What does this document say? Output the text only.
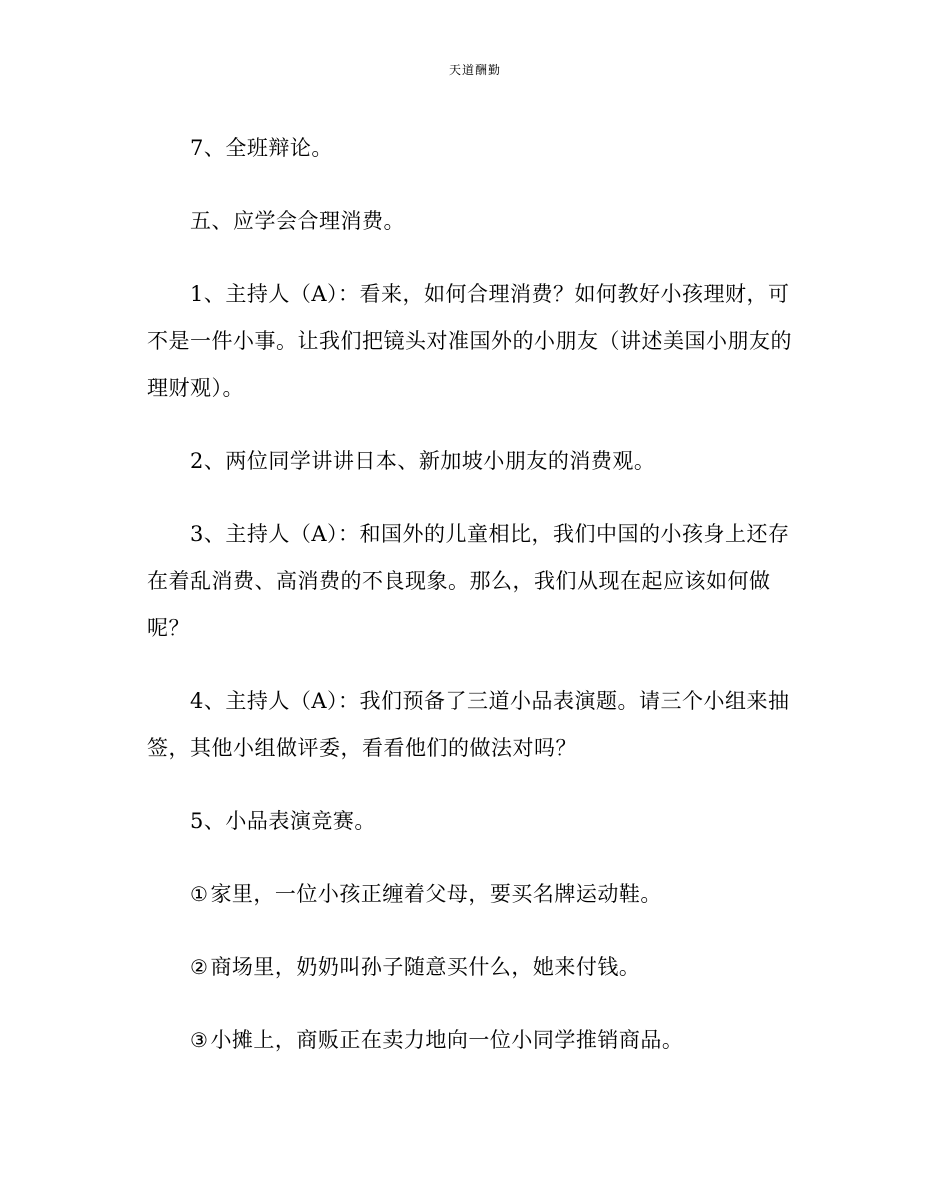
天道酬勤

7、全班辩论。

五、应学会合理消费。

1、主持人（A）：看来，如何合理消费？如何教好小孩理财，可不是一件小事。让我们把镜头对准国外的小朋友（讲述美国小朋友的理财观）。

2、两位同学讲讲日本、新加坡小朋友的消费观。

3、主持人（A）：和国外的儿童相比，我们中国的小孩身上还存在着乱消费、高消费的不良现象。那么，我们从现在起应该如何做呢？

4、主持人（A）：我们预备了三道小品表演题。请三个小组来抽签，其他小组做评委，看看他们的做法对吗？

5、小品表演竞赛。

①家里，一位小孩正缠着父母，要买名牌运动鞋。

②商场里，奶奶叫孙子随意买什么，她来付钱。

③小摊上，商贩正在卖力地向一位小同学推销商品。
